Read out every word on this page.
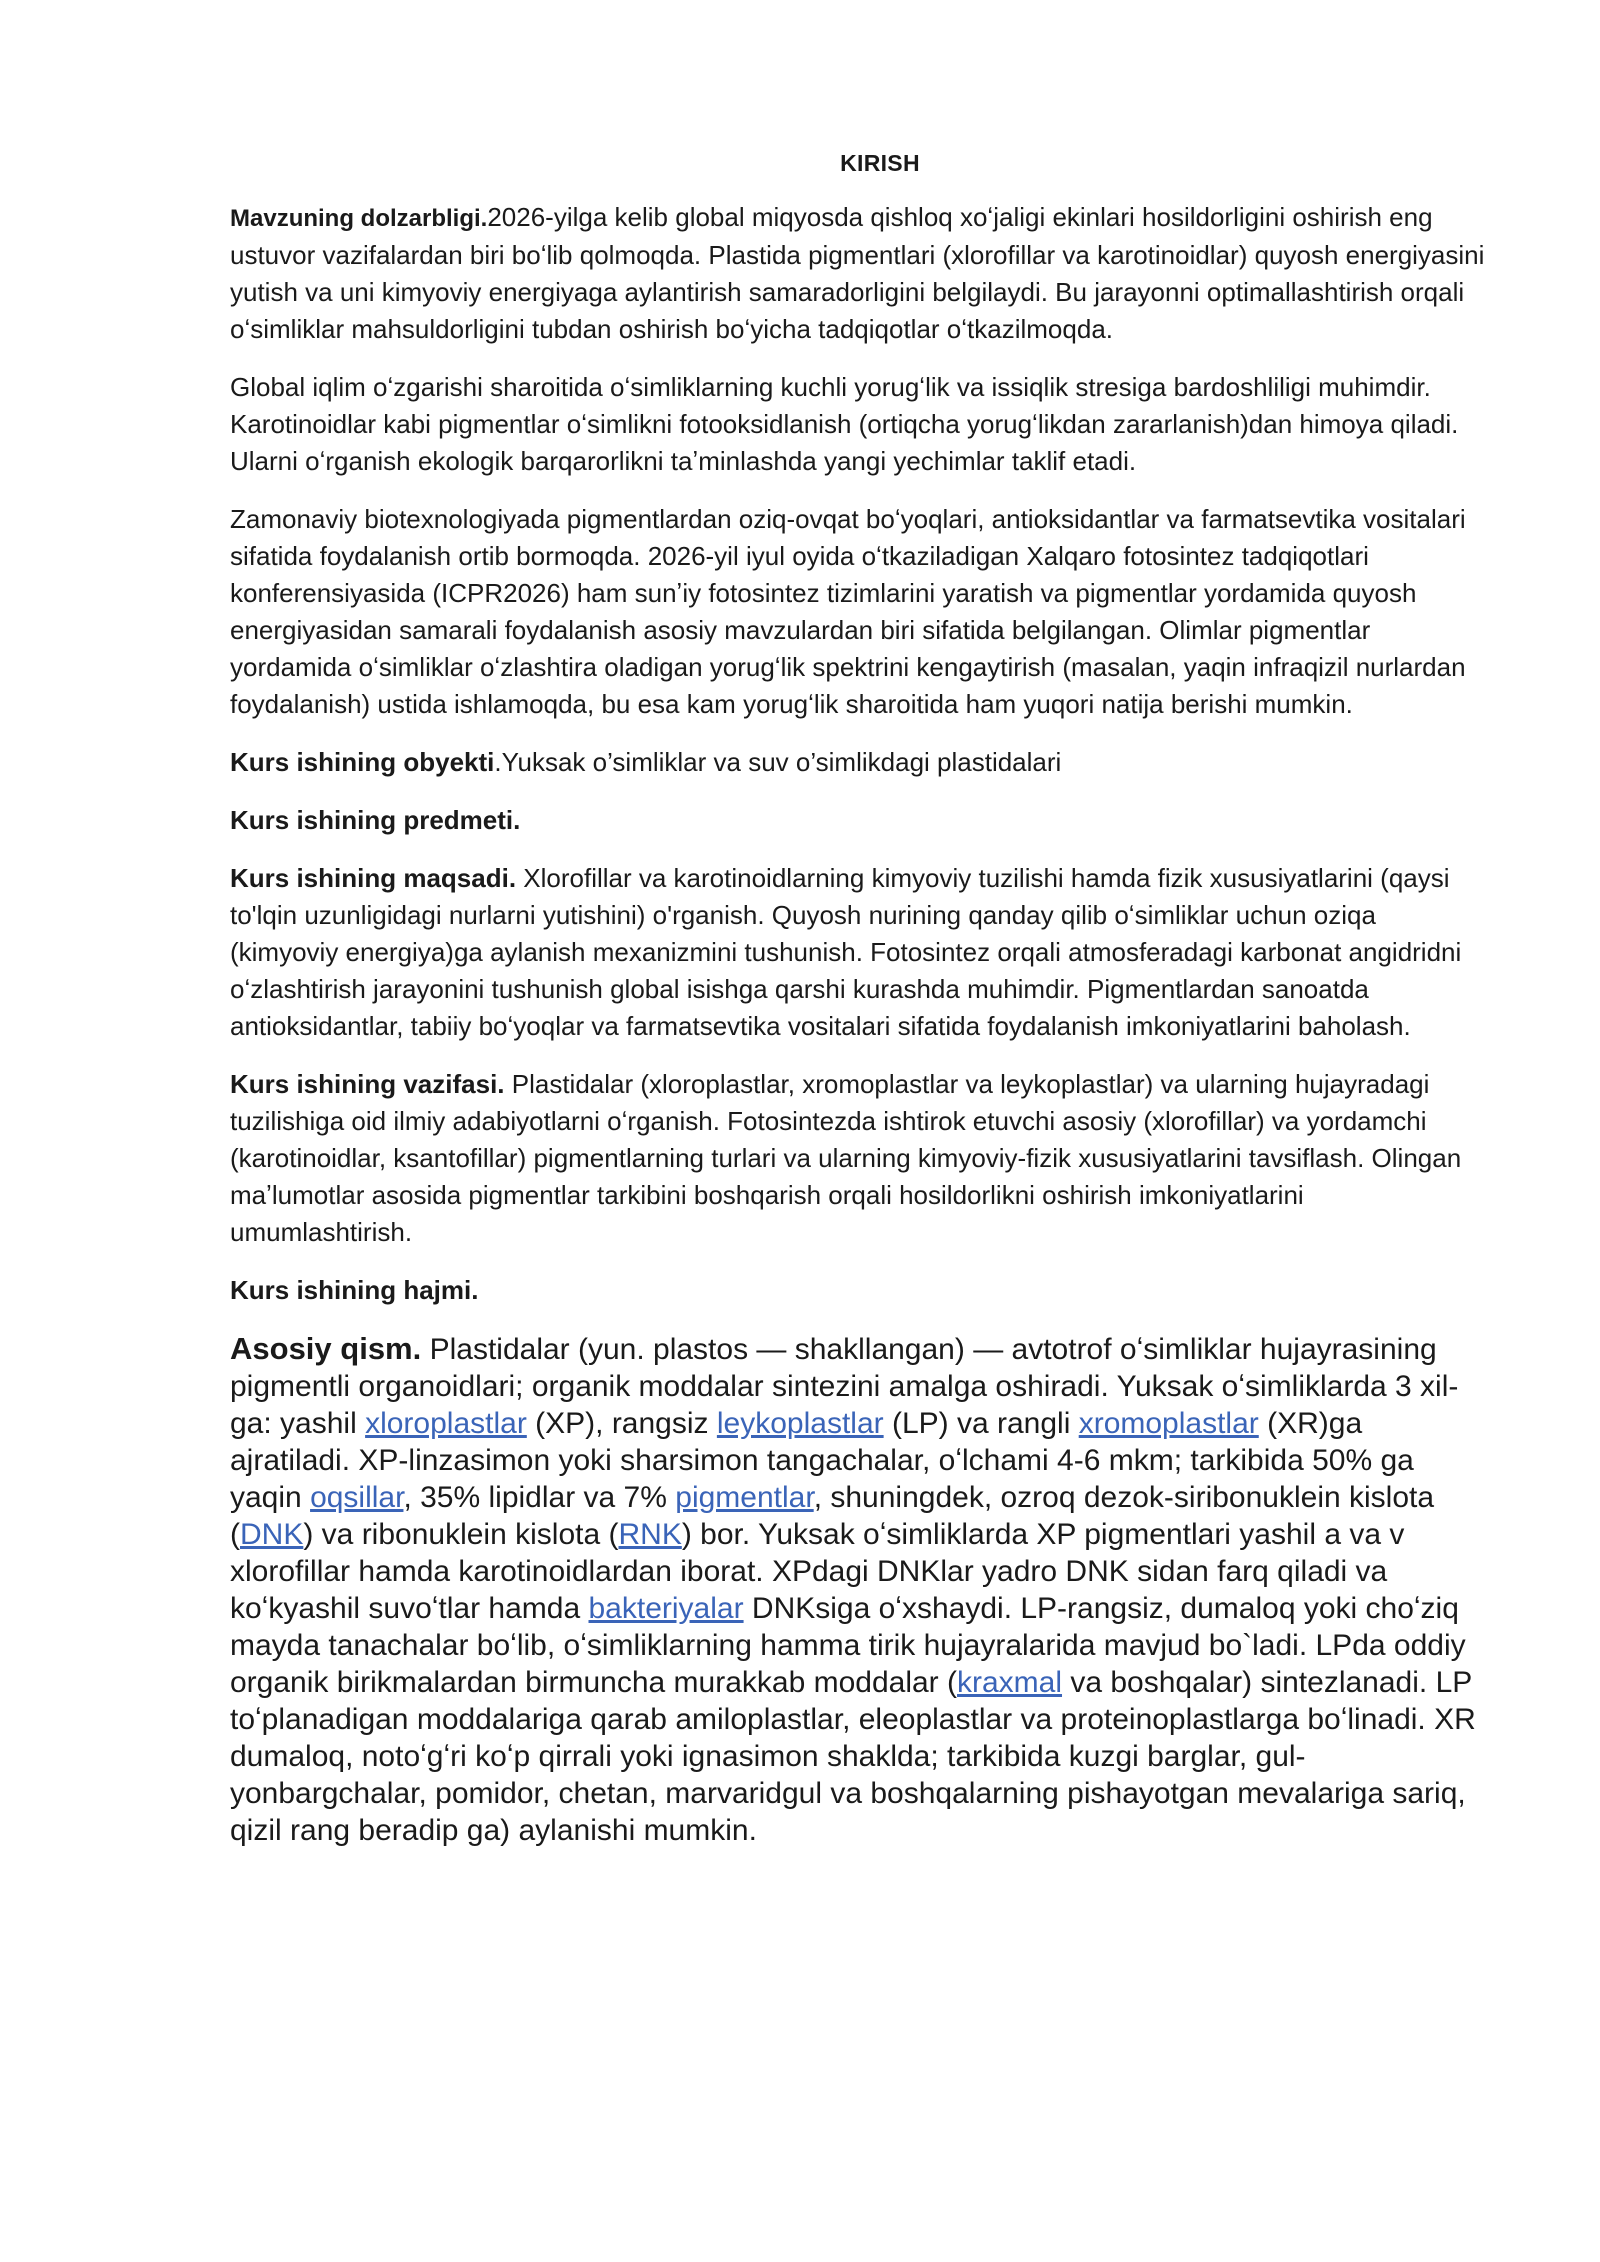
KIRISH

Mavzuning dolzarbligi.2026-yilga kelib global miqyosda qishloq xoʻjaligi ekinlari hosildorligini oshirish eng ustuvor vazifalardan biri boʻlib qolmoqda. Plastida pigmentlari (xlorofillar va karotinoidlar) quyosh energiyasini yutish va uni kimyoviy energiyaga aylantirish samaradorligini belgilaydi. Bu jarayonni optimallashtirish orqali oʻsimliklar mahsuldorligini tubdan oshirish boʻyicha tadqiqotlar oʻtkazilmoqda.

Global iqlim oʻzgarishi sharoitida oʻsimliklarning kuchli yorugʻlik va issiqlik stresiga bardoshliligi muhimdir. Karotinoidlar kabi pigmentlar oʻsimlikni fotooksidlanish (ortiqcha yorugʻlikdan zararlanish)dan himoya qiladi. Ularni oʻrganish ekologik barqarorlikni taʼminlashda yangi yechimlar taklif etadi.

Zamonaviy biotexnologiyada pigmentlardan oziq-ovqat boʻyoqlari, antioksidantlar va farmatsevtika vositalari sifatida foydalanish ortib bormoqda. 2026-yil iyul oyida oʻtkaziladigan Xalqaro fotosintez tadqiqotlari konferensiyasida (ICPR2026) ham sunʼiy fotosintez tizimlarini yaratish va pigmentlar yordamida quyosh energiyasidan samarali foydalanish asosiy mavzulardan biri sifatida belgilangan. Olimlar pigmentlar yordamida oʻsimliklar oʻzlashtira oladigan yorugʻlik spektrini kengaytirish (masalan, yaqin infraqizil nurlardan foydalanish) ustida ishlamoqda, bu esa kam yorugʻlik sharoitida ham yuqori natija berishi mumkin.

Kurs ishining obyekti.Yuksak o’simliklar va suv o’simlikdagi plastidalari

Kurs ishining predmeti.

Kurs ishining maqsadi. Xlorofillar va karotinoidlarning kimyoviy tuzilishi hamda fizik xususiyatlarini (qaysi to'lqin uzunligidagi nurlarni yutishini) o'rganish. Quyosh nurining qanday qilib oʻsimliklar uchun oziqa (kimyoviy energiya)ga aylanish mexanizmini tushunish. Fotosintez orqali atmosferadagi karbonat angidridni oʻzlashtirish jarayonini tushunish global isishga qarshi kurashda muhimdir. Pigmentlardan sanoatda antioksidantlar, tabiiy boʻyoqlar va farmatsevtika vositalari sifatida foydalanish imkoniyatlarini baholash.

Kurs ishining vazifasi. Plastidalar (xloroplastlar, xromoplastlar va leykoplastlar) va ularning hujayradagi tuzilishiga oid ilmiy adabiyotlarni oʻrganish. Fotosintezda ishtirok etuvchi asosiy (xlorofillar) va yordamchi (karotinoidlar, ksantofillar) pigmentlarning turlari va ularning kimyoviy-fizik xususiyatlarini tavsiflash. Olingan maʼlumotlar asosida pigmentlar tarkibini boshqarish orqali hosildorlikni oshirish imkoniyatlarini umumlashtirish.

Kurs ishining hajmi.

Asosiy qism. Plastidalar (yun. plastos — shakllangan) — avtotrof oʻsimliklar hujayrasining pigmentli organoidlari; organik moddalar sintezini amalga oshiradi. Yuksak oʻsimliklarda 3 xil-ga: yashil xloroplastlar (XP), rangsiz leykoplastlar (LP) va rangli xromoplastlar (XR)ga ajratiladi. XP-linzasimon yoki sharsimon tangachalar, oʻlchami 4-6 mkm; tarkibida 50% ga yaqin oqsillar, 35% lipidlar va 7% pigmentlar, shuningdek, ozroq dezok-siribonuklein kislota (DNK) va ribonuklein kislota (RNK) bor. Yuksak oʻsimliklarda XP pigmentlari yashil a va v xlorofillar hamda karotinoidlardan iborat. XPdagi DNKlar yadro DNK sidan farq qiladi va koʻkyashil suvoʻtlar hamda bakteriyalar DNKsiga oʻxshaydi. LP-rangsiz, dumaloq yoki choʻziq mayda tanachalar boʻlib, oʻsimliklarning hamma tirik hujayralarida mavjud bo`ladi. LPda oddiy organik birikmalardan birmuncha murakkab moddalar (kraxmal va boshqalar) sintezlanadi. LP toʻplanadigan moddalariga qarab amiloplastlar, eleoplastlar va proteinoplastlarga boʻlinadi. XR dumaloq, notoʻgʻri koʻp qirrali yoki ignasimon shaklda; tarkibida kuzgi barglar, gul-yonbargchalar, pomidor, chetan, marvaridgul va boshqalarning pishayotgan mevalariga sariq, qizil rang beradip ga) aylanishi mumkin.
